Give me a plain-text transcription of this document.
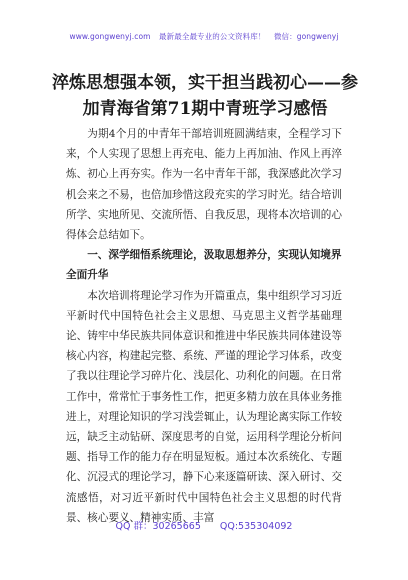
www.gongwenyj.com 最新最全最专业的公文资料库！ 微信：gongwenyj
淬炼思想强本领，实干担当践初心——参加青海省第71期中青班学习感悟

为期4个月的中青年干部培训班圆满结束，全程学习下来，个人实现了思想上再充电、能力上再加油、作风上再淬炼、初心上再夯实。作为一名中青年干部，我深感此次学习机会来之不易，也倍加珍惜这段充实的学习时光。结合培训所学、实地所见、交流所悟、自我反思，现将本次培训的心得体会总结如下。

一、深学细悟系统理论，汲取思想养分，实现认知境界全面升华

本次培训将理论学习作为开篇重点，集中组织学习习近平新时代中国特色社会主义思想、马克思主义哲学基础理论、铸牢中华民族共同体意识和推进中华民族共同体建设等核心内容，构建起完整、系统、严谨的理论学习体系，改变了我以往理论学习碎片化、浅层化、功利化的问题。在日常工作中，常常忙于事务性工作，把更多精力放在具体业务推进上，对理论知识的学习浅尝辄止，认为理论离实际工作较远，缺乏主动钻研、深度思考的自觉，运用科学理论分析问题、指导工作的能力存在明显短板。通过本次系统化、专题化、沉浸式的理论学习，静下心来逐篇研读、深入研讨、交流感悟，对习近平新时代中国特色社会主义思想的时代背景、核心要义、精神实质、丰富

QQ 群：30265665 QQ:535304092
